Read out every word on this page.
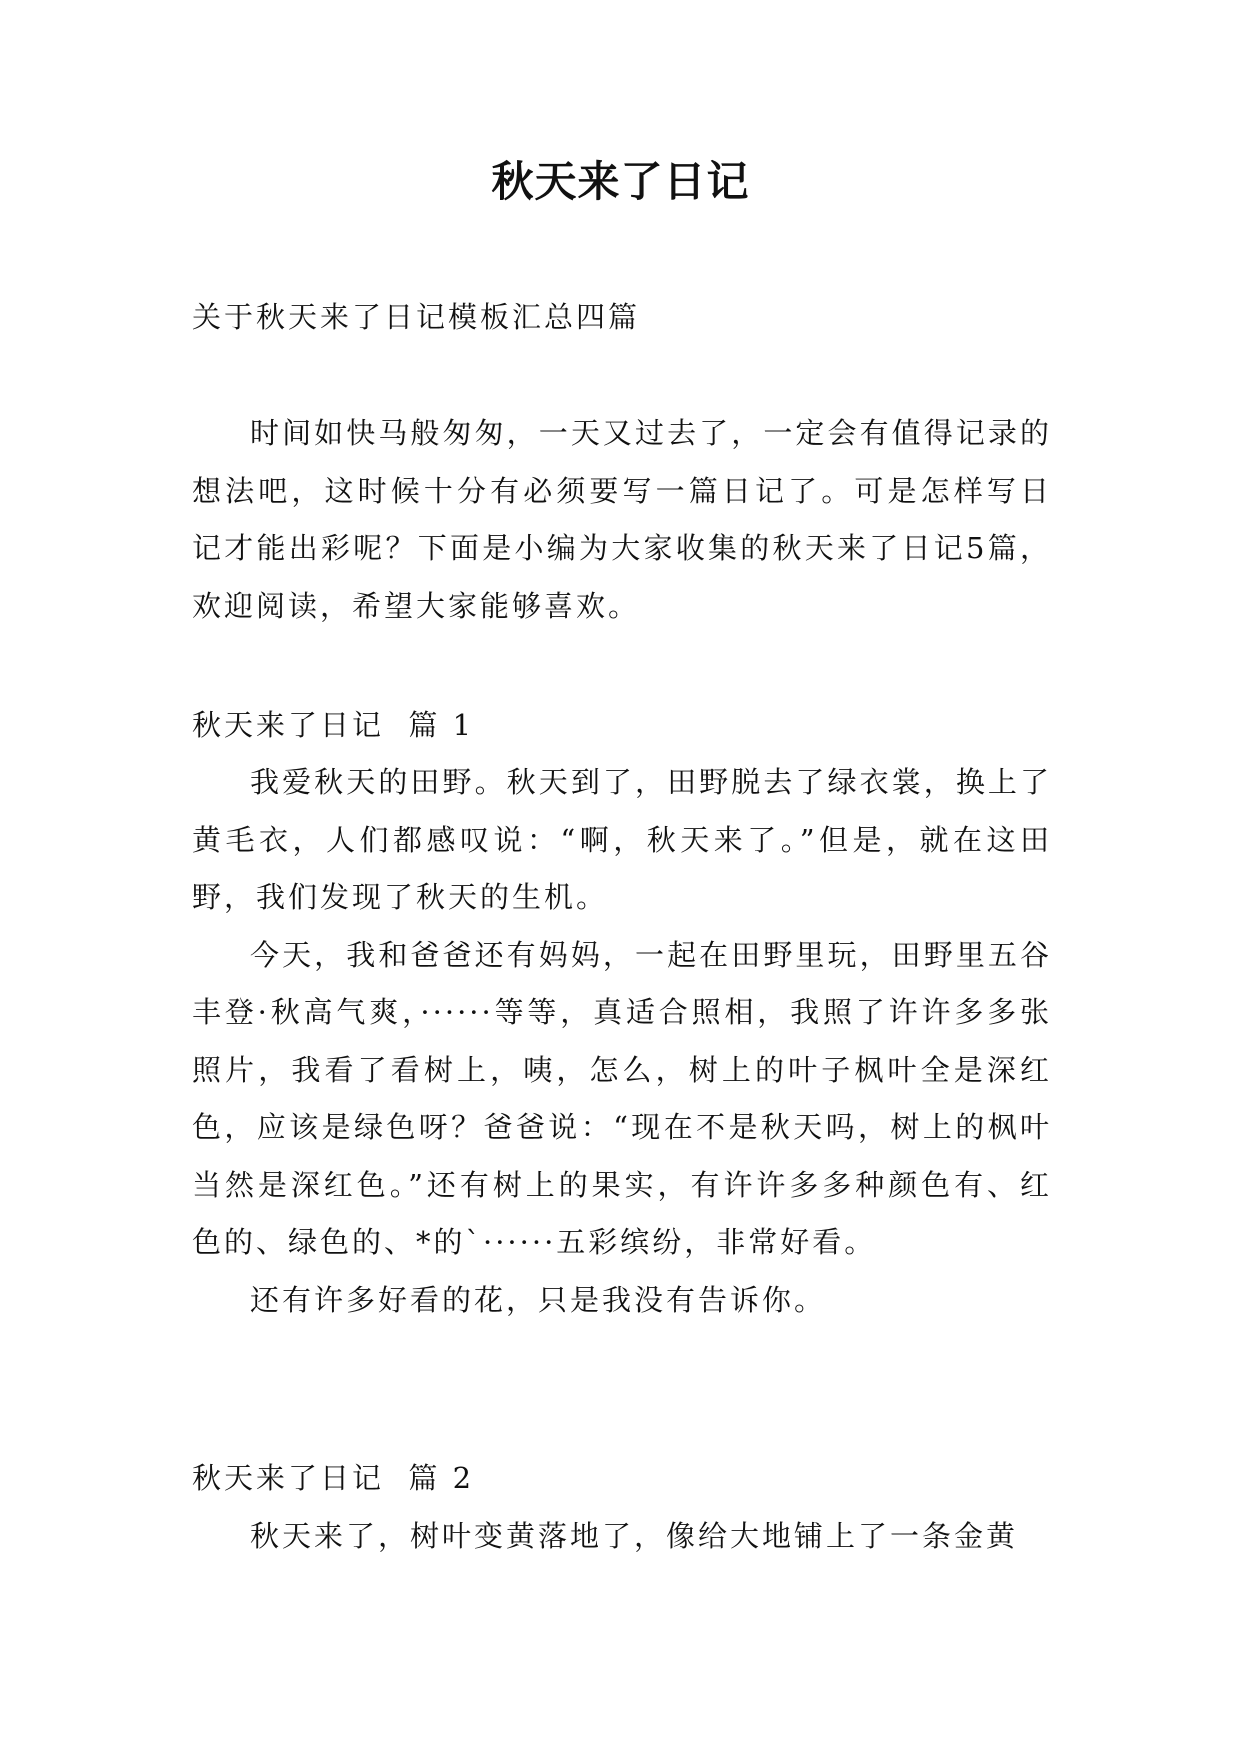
秋天来了日记
关于秋天来了日记模板汇总四篇

时间如快马般匆匆，一天又过去了，一定会有值得记录的想法吧，这时候十分有必须要写一篇日记了。可是怎样写日记才能出彩呢？下面是小编为大家收集的秋天来了日记5篇，欢迎阅读，希望大家能够喜欢。

秋天来了日记  篇 1

我爱秋天的田野。秋天到了，田野脱去了绿衣裳，换上了黄毛衣，人们都感叹说：“啊，秋天来了。”但是，就在这田野，我们发现了秋天的生机。

今天，我和爸爸还有妈妈，一起在田野里玩，田野里五谷丰登·秋高气爽，······等等，真适合照相，我照了许许多多张照片，我看了看树上，咦，怎么，树上的叶子枫叶全是深红色，应该是绿色呀？爸爸说：“现在不是秋天吗，树上的枫叶当然是深红色。”还有树上的果实，有许许多多种颜色有、红色的、绿色的、*的`······五彩缤纷，非常好看。

还有许多好看的花，只是我没有告诉你。

秋天来了日记  篇 2

秋天来了，树叶变黄落地了，像给大地铺上了一条金黄
